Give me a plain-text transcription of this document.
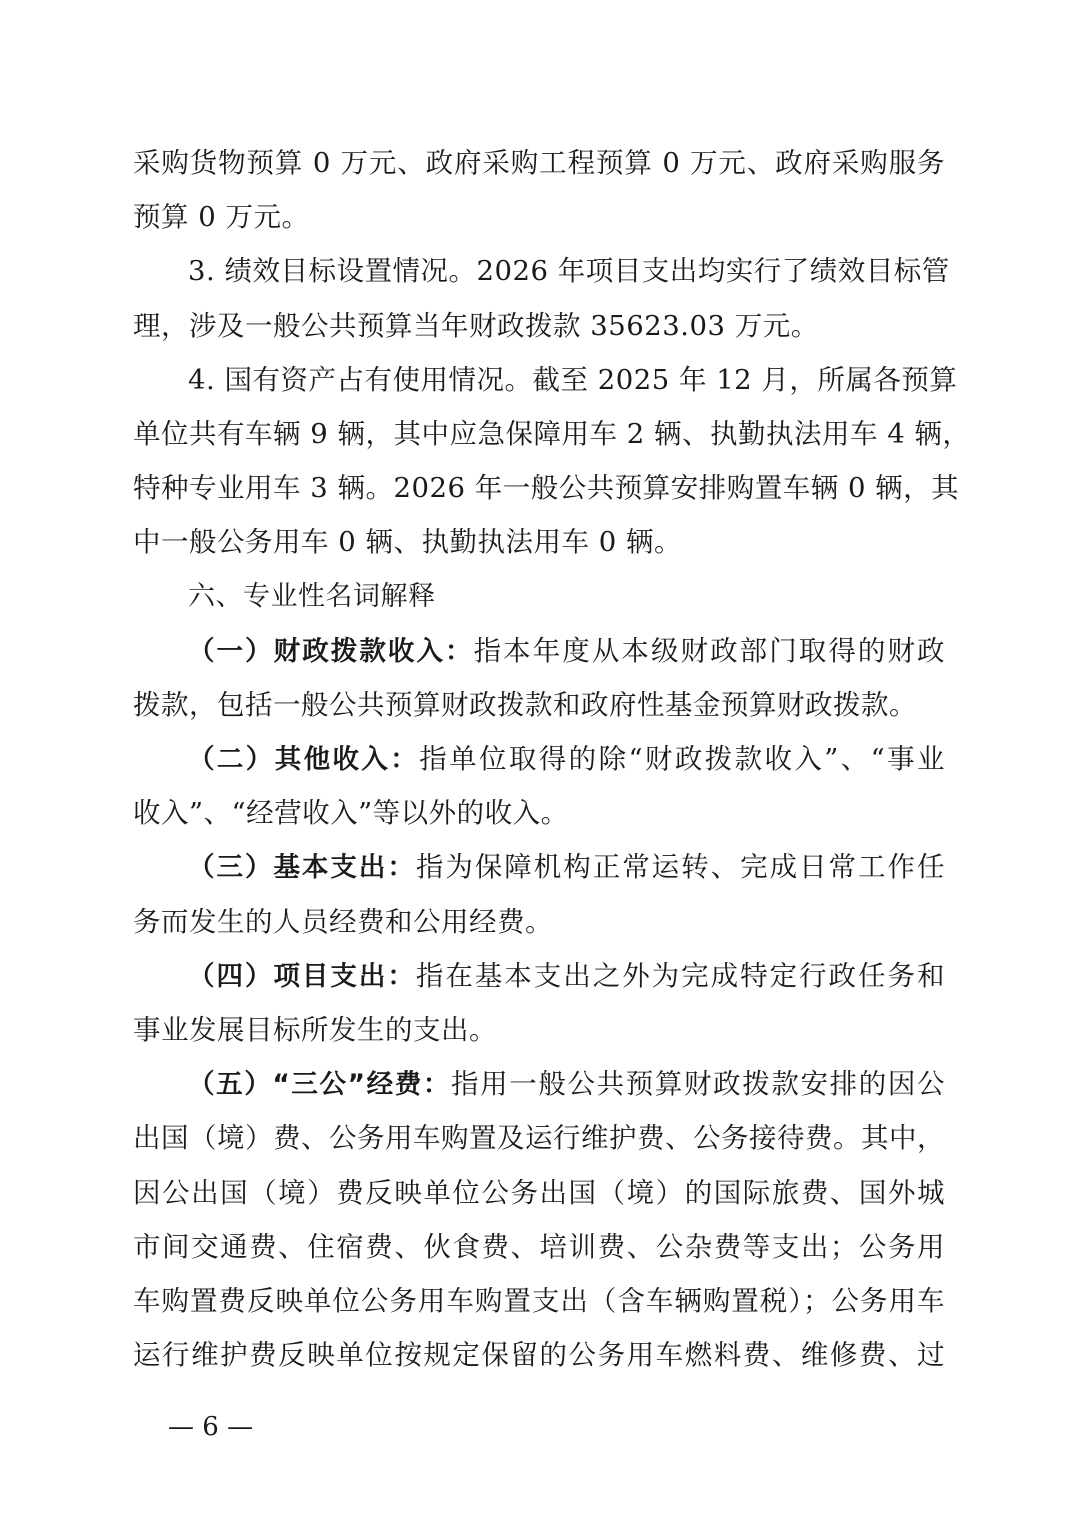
采购货物预算 0 万元、政府采购工程预算 0 万元、政府采购服务
预算 0 万元。
3. 绩效目标设置情况。2026 年项目支出均实行了绩效目标管
理，涉及一般公共预算当年财政拨款 35623.03 万元。
4. 国有资产占有使用情况。截至 2025 年 12 月，所属各预算
单位共有车辆 9 辆，其中应急保障用车 2 辆、执勤执法用车 4 辆，
特种专业用车 3 辆。2026 年一般公共预算安排购置车辆 0 辆，其
中一般公务用车 0 辆、执勤执法用车 0 辆。
六、专业性名词解释
（一）财政拨款收入：指本年度从本级财政部门取得的财政
拨款，包括一般公共预算财政拨款和政府性基金预算财政拨款。
（二）其他收入：指单位取得的除“财政拨款收入”、“事业
收入”、“经营收入”等以外的收入。
（三）基本支出：指为保障机构正常运转、完成日常工作任
务而发生的人员经费和公用经费。
（四）项目支出：指在基本支出之外为完成特定行政任务和
事业发展目标所发生的支出。
（五）“三公”经费：指用一般公共预算财政拨款安排的因公
出国（境）费、公务用车购置及运行维护费、公务接待费。其中，
因公出国（境）费反映单位公务出国（境）的国际旅费、国外城
市间交通费、住宿费、伙食费、培训费、公杂费等支出；公务用
车购置费反映单位公务用车购置支出（含车辆购置税）；公务用车
运行维护费反映单位按规定保留的公务用车燃料费、维修费、过
— 6 —
